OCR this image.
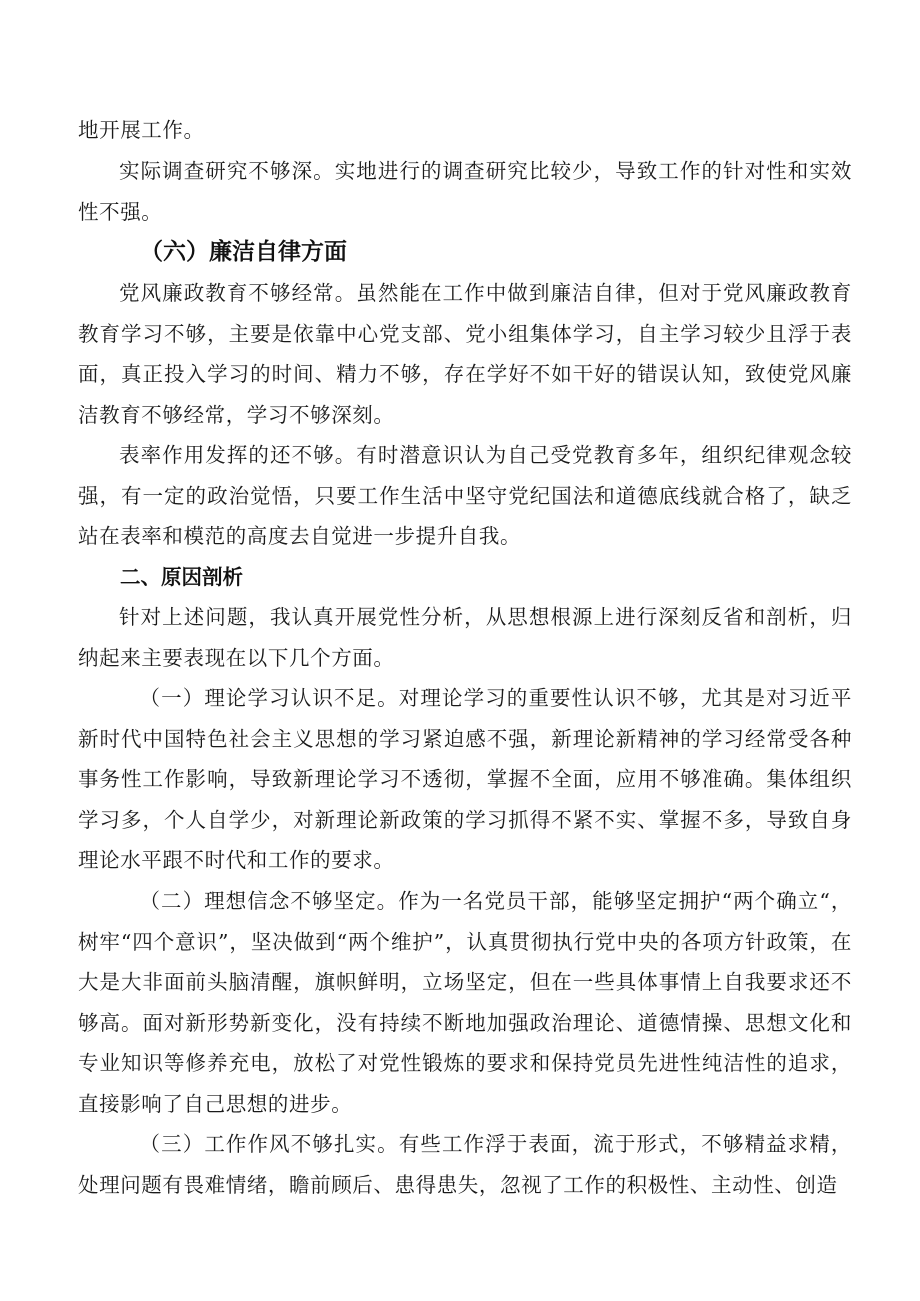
地开展工作。

实际调查研究不够深。实地进行的调查研究比较少，导致工作的针对性和实效性不强。

（六）廉洁自律方面

党风廉政教育不够经常。虽然能在工作中做到廉洁自律，但对于党风廉政教育教育学习不够，主要是依靠中心党支部、党小组集体学习，自主学习较少且浮于表面，真正投入学习的时间、精力不够，存在学好不如干好的错误认知，致使党风廉洁教育不够经常，学习不够深刻。

表率作用发挥的还不够。有时潜意识认为自己受党教育多年，组织纪律观念较强，有一定的政治觉悟，只要工作生活中坚守党纪国法和道德底线就合格了，缺乏站在表率和模范的高度去自觉进一步提升自我。

二、原因剖析

针对上述问题，我认真开展党性分析，从思想根源上进行深刻反省和剖析，归纳起来主要表现在以下几个方面。

（一）理论学习认识不足。对理论学习的重要性认识不够，尤其是对习近平新时代中国特色社会主义思想的学习紧迫感不强，新理论新精神的学习经常受各种事务性工作影响，导致新理论学习不透彻，掌握不全面，应用不够准确。集体组织学习多，个人自学少，对新理论新政策的学习抓得不紧不实、掌握不多，导致自身理论水平跟不时代和工作的要求。

（二）理想信念不够坚定。作为一名党员干部，能够坚定拥护“两个确立“，树牢“四个意识”，坚决做到“两个维护”，认真贯彻执行党中央的各项方针政策，在大是大非面前头脑清醒，旗帜鲜明，立场坚定，但在一些具体事情上自我要求还不够高。面对新形势新变化，没有持续不断地加强政治理论、道德情操、思想文化和专业知识等修养充电，放松了对党性锻炼的要求和保持党员先进性纯洁性的追求，直接影响了自己思想的进步。

（三）工作作风不够扎实。有些工作浮于表面，流于形式，不够精益求精，处理问题有畏难情绪，瞻前顾后、患得患失，忽视了工作的积极性、主动性、创造
